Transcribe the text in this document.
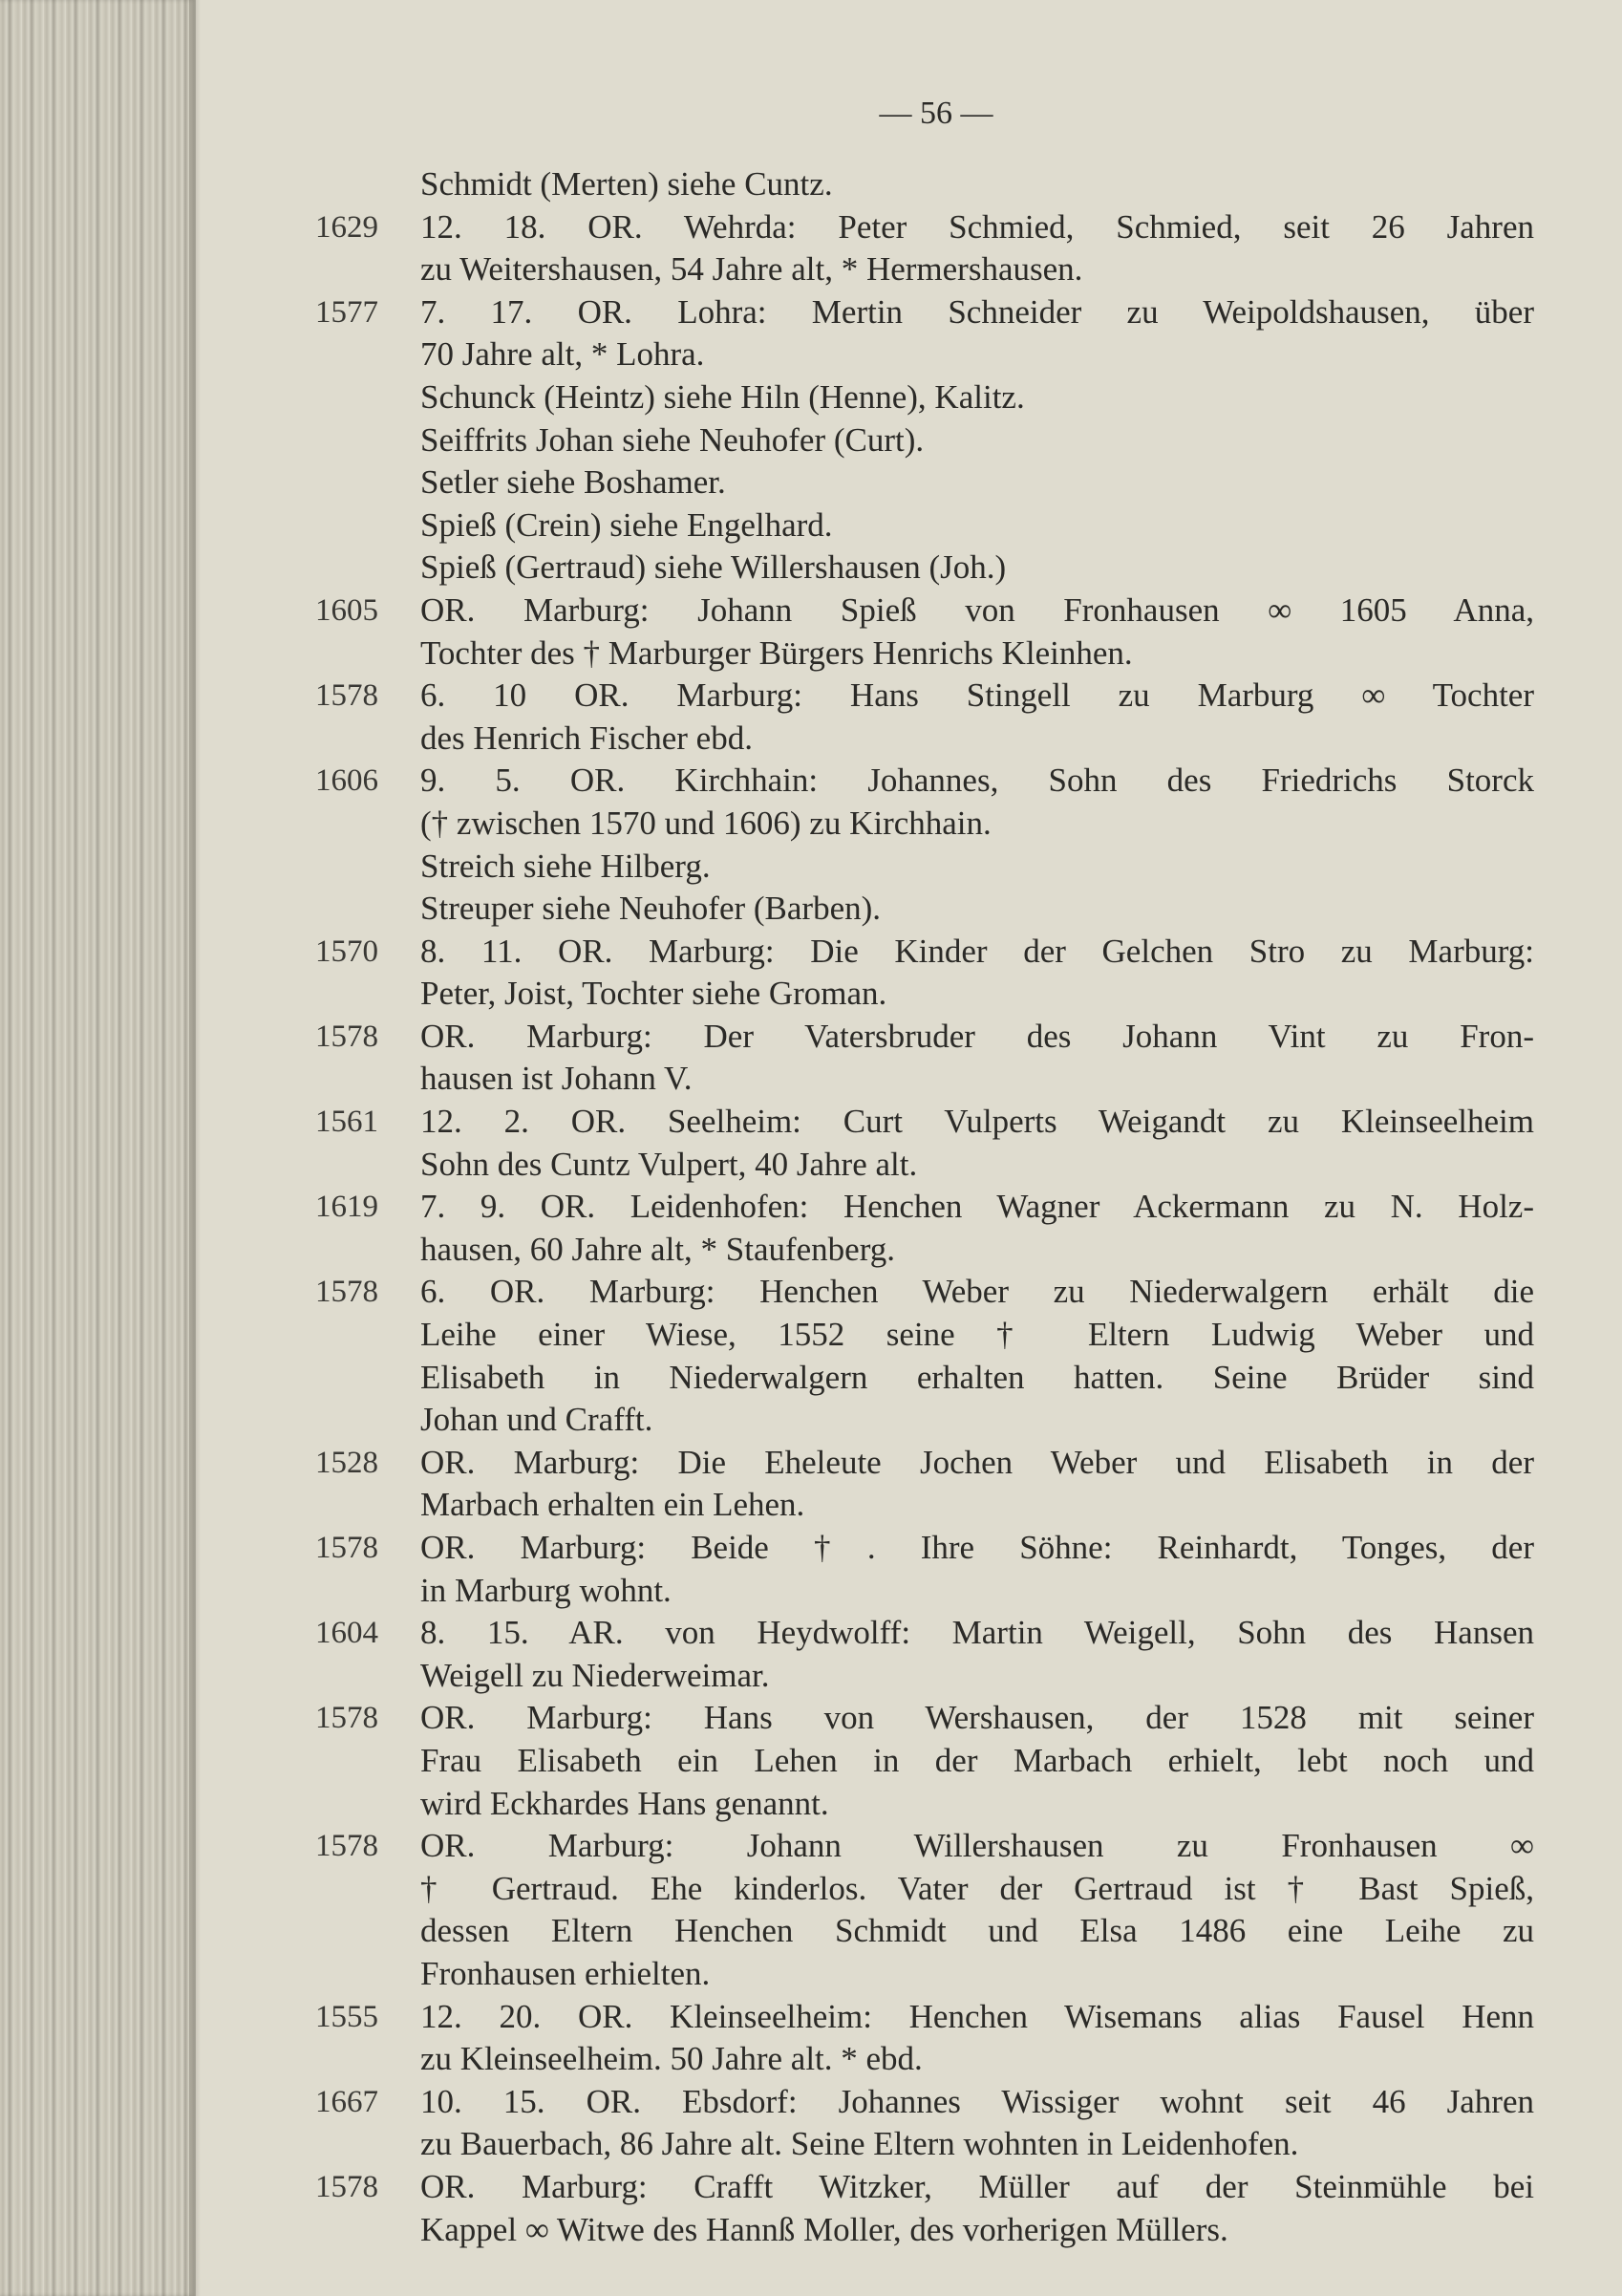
— 56 —
Schmidt (Merten) siehe Cuntz.
1629	12. 18. OR. Wehrda: Peter Schmied, Schmied, seit 26 Jahren
zu Weitershausen, 54 Jahre alt, * Hermershausen.
1577	7. 17. OR. Lohra: Mertin Schneider zu Weipoldshausen, über
70 Jahre alt, * Lohra.
Schunck (Heintz) siehe Hiln (Henne), Kalitz.
Seiffrits Johan siehe Neuhofer (Curt).
Setler siehe Boshamer.
Spieß (Crein) siehe Engelhard.
Spieß (Gertraud) siehe Willershausen (Joh.)
1605	OR. Marburg: Johann Spieß von Fronhausen ∞ 1605 Anna,
Tochter des † Marburger Bürgers Henrichs Kleinhen.
1578	6. 10 OR. Marburg: Hans Stingell zu Marburg ∞ Tochter
des Henrich Fischer ebd.
1606	9. 5. OR. Kirchhain: Johannes, Sohn des Friedrichs Storck
(† zwischen 1570 und 1606) zu Kirchhain.
Streich siehe Hilberg.
Streuper siehe Neuhofer (Barben).
1570	8. 11. OR. Marburg: Die Kinder der Gelchen Stro zu Marburg:
Peter, Joist, Tochter siehe Groman.
1578	OR. Marburg: Der Vatersbruder des Johann Vint zu Fron-
hausen ist Johann V.
1561	12. 2. OR. Seelheim: Curt Vulperts Weigandt zu Kleinseelheim
Sohn des Cuntz Vulpert, 40 Jahre alt.
1619	7. 9. OR. Leidenhofen: Henchen Wagner Ackermann zu N. Holz-
hausen, 60 Jahre alt, * Staufenberg.
1578	6. OR. Marburg: Henchen Weber zu Niederwalgern erhält die
Leihe einer Wiese, 1552 seine † Eltern Ludwig Weber und
Elisabeth in Niederwalgern erhalten hatten. Seine Brüder sind
Johan und Crafft.
1528	OR. Marburg: Die Eheleute Jochen Weber und Elisabeth in der
Marbach erhalten ein Lehen.
1578	OR. Marburg: Beide †. Ihre Söhne: Reinhardt, Tonges, der
in Marburg wohnt.
1604	8. 15. AR. von Heydwolff: Martin Weigell, Sohn des Hansen
Weigell zu Niederweimar.
1578	OR. Marburg: Hans von Wershausen, der 1528 mit seiner
Frau Elisabeth ein Lehen in der Marbach erhielt, lebt noch und
wird Eckhardes Hans genannt.
1578	OR. Marburg: Johann Willershausen zu Fronhausen ∞
† Gertraud. Ehe kinderlos. Vater der Gertraud ist † Bast Spieß,
dessen Eltern Henchen Schmidt und Elsa 1486 eine Leihe zu
Fronhausen erhielten.
1555	12. 20. OR. Kleinseelheim: Henchen Wisemans alias Fausel Henn
zu Kleinseelheim. 50 Jahre alt. * ebd.
1667	10. 15. OR. Ebsdorf: Johannes Wissiger wohnt seit 46 Jahren
zu Bauerbach, 86 Jahre alt. Seine Eltern wohnten in Leidenhofen.
1578	OR. Marburg: Crafft Witzker, Müller auf der Steinmühle bei
Kappel ∞ Witwe des Hannß Moller, des vorherigen Müllers.
